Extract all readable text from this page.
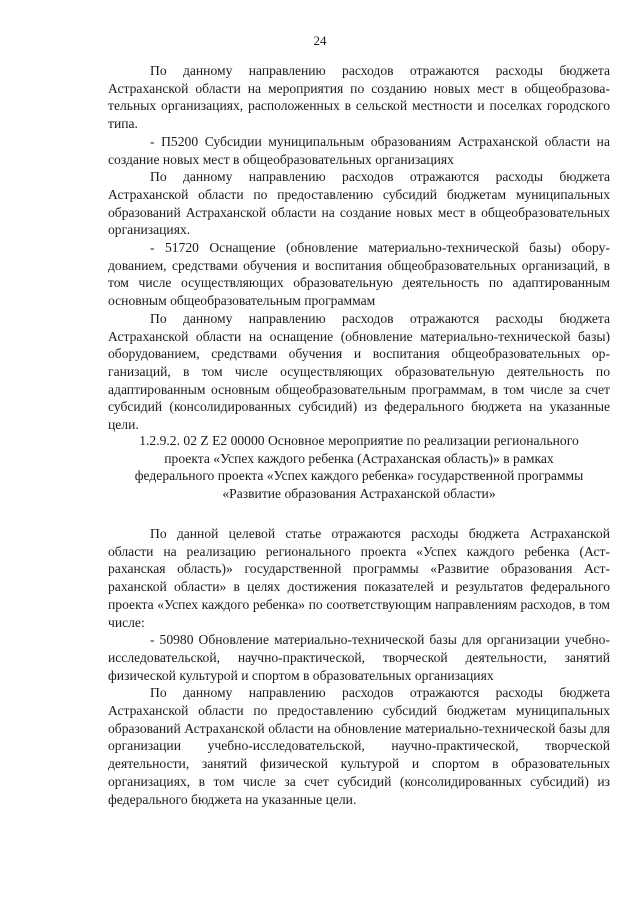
24

По данному направлению расходов отражаются расходы бюджета Астраханской области на мероприятия по созданию новых мест в общеобразовательных организациях, расположенных в сельской местности и поселках городского типа.

- П5200 Субсидии муниципальным образованиям Астраханской области на создание новых мест в общеобразовательных организациях

По данному направлению расходов отражаются расходы бюджета Астраханской области по предоставлению субсидий бюджетам муниципальных образований Астраханской области на создание новых мест в общеобразовательных организациях.

- 51720 Оснащение (обновление материально-технической базы) оборудованием, средствами обучения и воспитания общеобразовательных организаций, в том числе осуществляющих образовательную деятельность по адаптированным основным общеобразовательным программам

По данному направлению расходов отражаются расходы бюджета Астраханской области на оснащение (обновление материально-технической базы) оборудованием, средствами обучения и воспитания общеобразовательных организаций, в том числе осуществляющих образовательную деятельность по адаптированным основным общеобразовательным программам, в том числе за счет субсидий (консолидированных субсидий) из федерального бюджета на указанные цели.

1.2.9.2. 02 Z E2 00000 Основное мероприятие по реализации регионального

проекта «Успех каждого ребенка (Астраханская область)» в рамках

федерального проекта «Успех каждого ребенка» государственной программы

«Развитие образования Астраханской области»

По данной целевой статье отражаются расходы бюджета Астраханской области на реализацию регионального проекта «Успех каждого ребенка (Астраханская область)» государственной программы «Развитие образования Астраханской области» в целях достижения показателей и результатов федерального проекта «Успех каждого ребенка» по соответствующим направлениям расходов, в том числе:

- 50980 Обновление материально-технической базы для организации учебно-исследовательской, научно-практической, творческой деятельности, занятий физической культурой и спортом в образовательных организациях

По данному направлению расходов отражаются расходы бюджета Астраханской области по предоставлению субсидий бюджетам муниципальных образований Астраханской области на обновление материально-технической базы для организации учебно-исследовательской, научно-практической, творческой деятельности, занятий физической культурой и спортом в образовательных организациях, в том числе за счет субсидий (консолидированных субсидий) из федерального бюджета на указанные цели.
